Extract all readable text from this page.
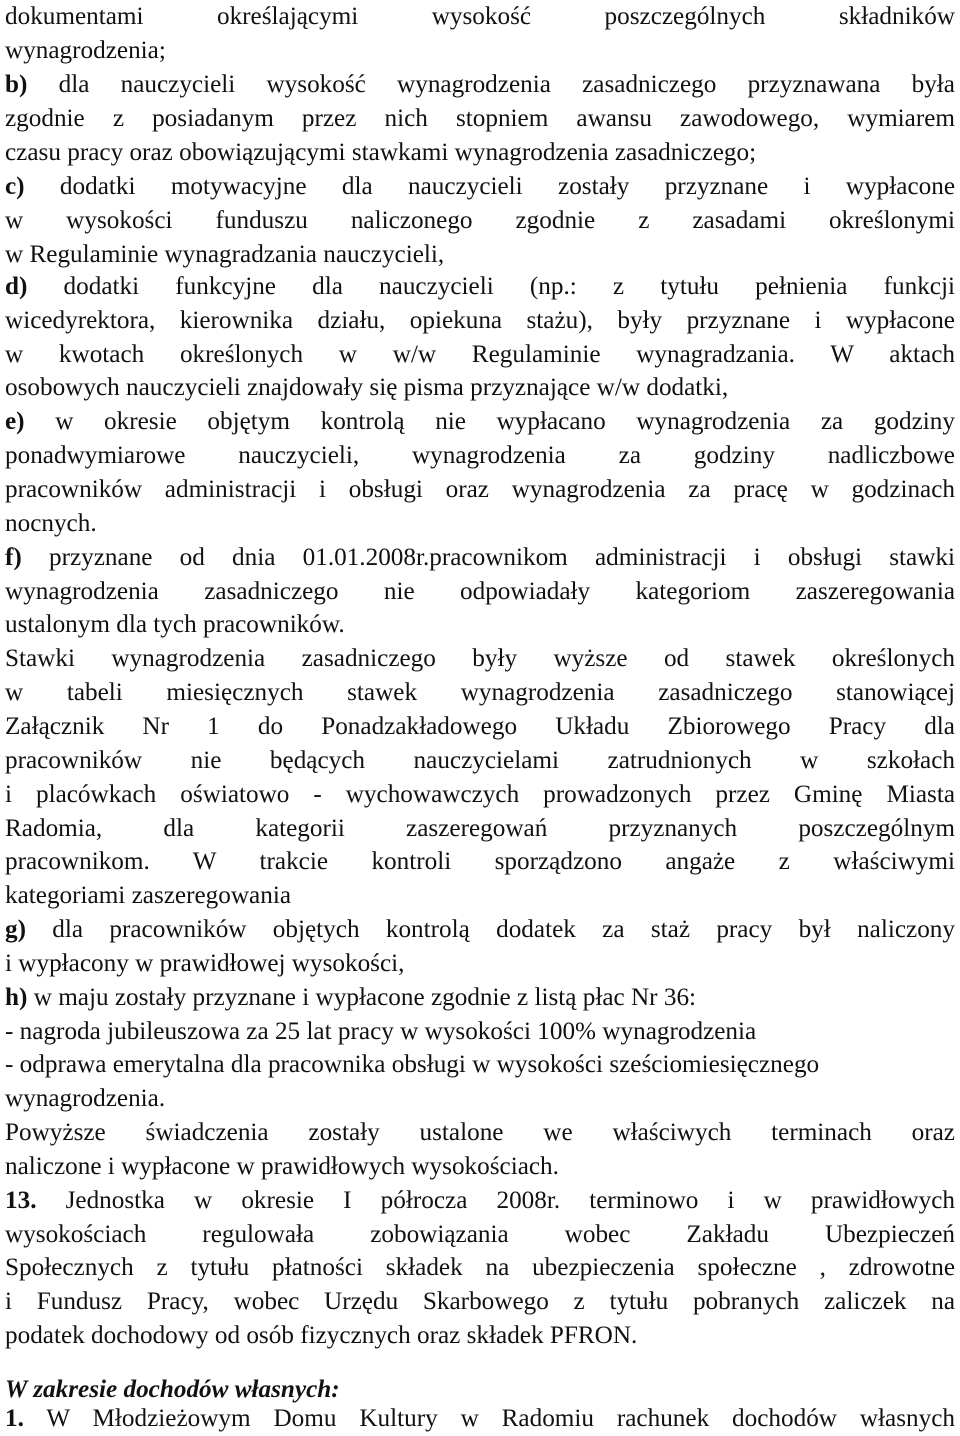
dokumentami określającymi wysokość poszczególnych składników
wynagrodzenia;
b) dla nauczycieli wysokość wynagrodzenia zasadniczego przyznawana była
zgodnie z posiadanym przez nich stopniem awansu zawodowego, wymiarem
czasu pracy oraz obowiązującymi stawkami wynagrodzenia zasadniczego;
c) dodatki motywacyjne dla nauczycieli zostały przyznane i wypłacone
w wysokości funduszu naliczonego zgodnie z zasadami określonymi
w Regulaminie wynagradzania nauczycieli,
d) dodatki funkcyjne dla nauczycieli (np.: z tytułu pełnienia funkcji
wicedyrektora, kierownika działu, opiekuna stażu), były przyznane i wypłacone
w kwotach określonych w w/w Regulaminie wynagradzania. W aktach
osobowych nauczycieli znajdowały się pisma przyznające w/w dodatki,
e) w okresie objętym kontrolą nie wypłacano wynagrodzenia za godziny
ponadwymiarowe nauczycieli, wynagrodzenia za godziny nadliczbowe
pracowników administracji i obsługi oraz wynagrodzenia za pracę w godzinach
nocnych.
f) przyznane od dnia 01.01.2008r.pracownikom administracji i obsługi stawki
wynagrodzenia zasadniczego nie odpowiadały kategoriom zaszeregowania
ustalonym dla tych pracowników.
Stawki wynagrodzenia zasadniczego były wyższe od stawek określonych
w tabeli miesięcznych stawek wynagrodzenia zasadniczego stanowiącej
Załącznik Nr 1 do Ponadzakładowego Układu Zbiorowego Pracy dla
pracowników nie będących nauczycielami zatrudnionych w szkołach
i placówkach oświatowo - wychowawczych prowadzonych przez Gminę Miasta
Radomia, dla kategorii zaszeregowań przyznanych poszczególnym
pracownikom. W trakcie kontroli sporządzono angaże z właściwymi
kategoriami zaszeregowania
g) dla pracowników objętych kontrolą dodatek za staż pracy był naliczony
i wypłacony w prawidłowej wysokości,
h) w maju zostały przyznane i wypłacone zgodnie z listą płac Nr 36:
- nagroda jubileuszowa za 25 lat pracy w wysokości 100% wynagrodzenia
- odprawa emerytalna dla pracownika obsługi w wysokości sześciomiesięcznego
wynagrodzenia.
Powyższe świadczenia zostały ustalone we właściwych terminach oraz
naliczone i wypłacone w prawidłowych wysokościach.
13. Jednostka w okresie I półrocza 2008r. terminowo i w prawidłowych
wysokościach regulowała zobowiązania wobec Zakładu Ubezpieczeń
Społecznych z tytułu płatności składek na ubezpieczenia społeczne , zdrowotne
i Fundusz Pracy, wobec Urzędu Skarbowego z tytułu pobranych zaliczek na
podatek dochodowy od osób fizycznych oraz składek PFRON.
W zakresie dochodów własnych:
1. W Młodzieżowym Domu Kultury w Radomiu rachunek dochodów własnych
